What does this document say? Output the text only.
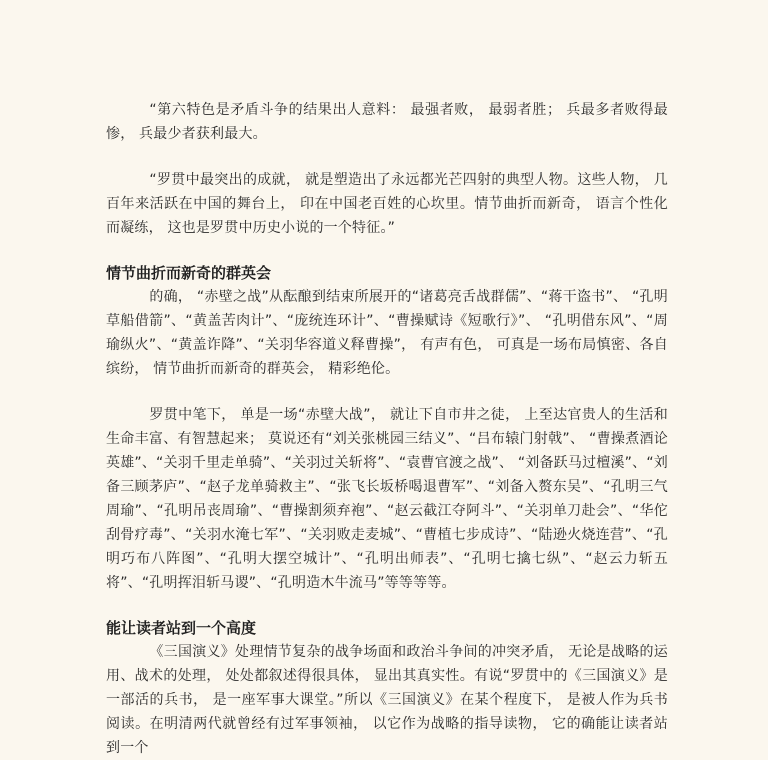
“第六特色是矛盾斗争的结果出人意料： 最强者败， 最弱者胜； 兵最多者败得最惨， 兵最少者获利最大。

“罗贯中最突出的成就， 就是塑造出了永远都光芒四射的典型人物。这些人物， 几百年来活跃在中国的舞台上， 印在中国老百姓的心坎里。情节曲折而新奇， 语言个性化而凝练， 这也是罗贯中历史小说的一个特征。”

情节曲折而新奇的群英会

的确， “赤壁之战”从酝酿到结束所展开的“诸葛亮舌战群儒”、“蒋干盗书”、 “孔明草船借箭”、“黄盖苦肉计”、“庞统连环计”、“曹操赋诗《短歌行》”、 “孔明借东风”、“周瑜纵火”、“黄盖诈降”、“关羽华容道义释曹操”， 有声有色， 可真是一场布局慎密、各自缤纷， 情节曲折而新奇的群英会， 精彩绝伦。

罗贯中笔下， 单是一场“赤壁大战”， 就让下自市井之徒， 上至达官贵人的生活和生命丰富、有智慧起来； 莫说还有“刘关张桃园三结义”、“吕布辕门射戟”、 “曹操煮酒论英雄”、“关羽千里走单骑”、“关羽过关斩将”、“袁曹官渡之战”、 “刘备跃马过檀溪”、“刘备三顾茅庐”、“赵子龙单骑救主”、“张飞长坂桥喝退曹军”、“刘备入赘东吴”、“孔明三气周瑜”、“孔明吊丧周瑜”、“曹操割须弃袍”、“赵云截江夺阿斗”、“关羽单刀赴会”、“华佗刮骨疗毒”、“关羽水淹七军”、“关羽败走麦城”、“曹植七步成诗”、“陆逊火烧连营”、“孔明巧布八阵图”、“孔明大摆空城计”、“孔明出师表”、“孔明七擒七纵”、“赵云力斩五将”、“孔明挥泪斩马谡”、“孔明造木牛流马”等等等等。

能让读者站到一个高度

《三国演义》处理情节复杂的战争场面和政治斗争间的冲突矛盾， 无论是战略的运用、战术的处理， 处处都叙述得很具体， 显出其真实性。有说“罗贯中的《三国演义》是一部活的兵书， 是一座军事大课堂。”所以《三国演义》在某个程度下， 是被人作为兵书阅读。在明清两代就曾经有过军事领袖， 以它作为战略的指导读物， 它的确能让读者站到一个
